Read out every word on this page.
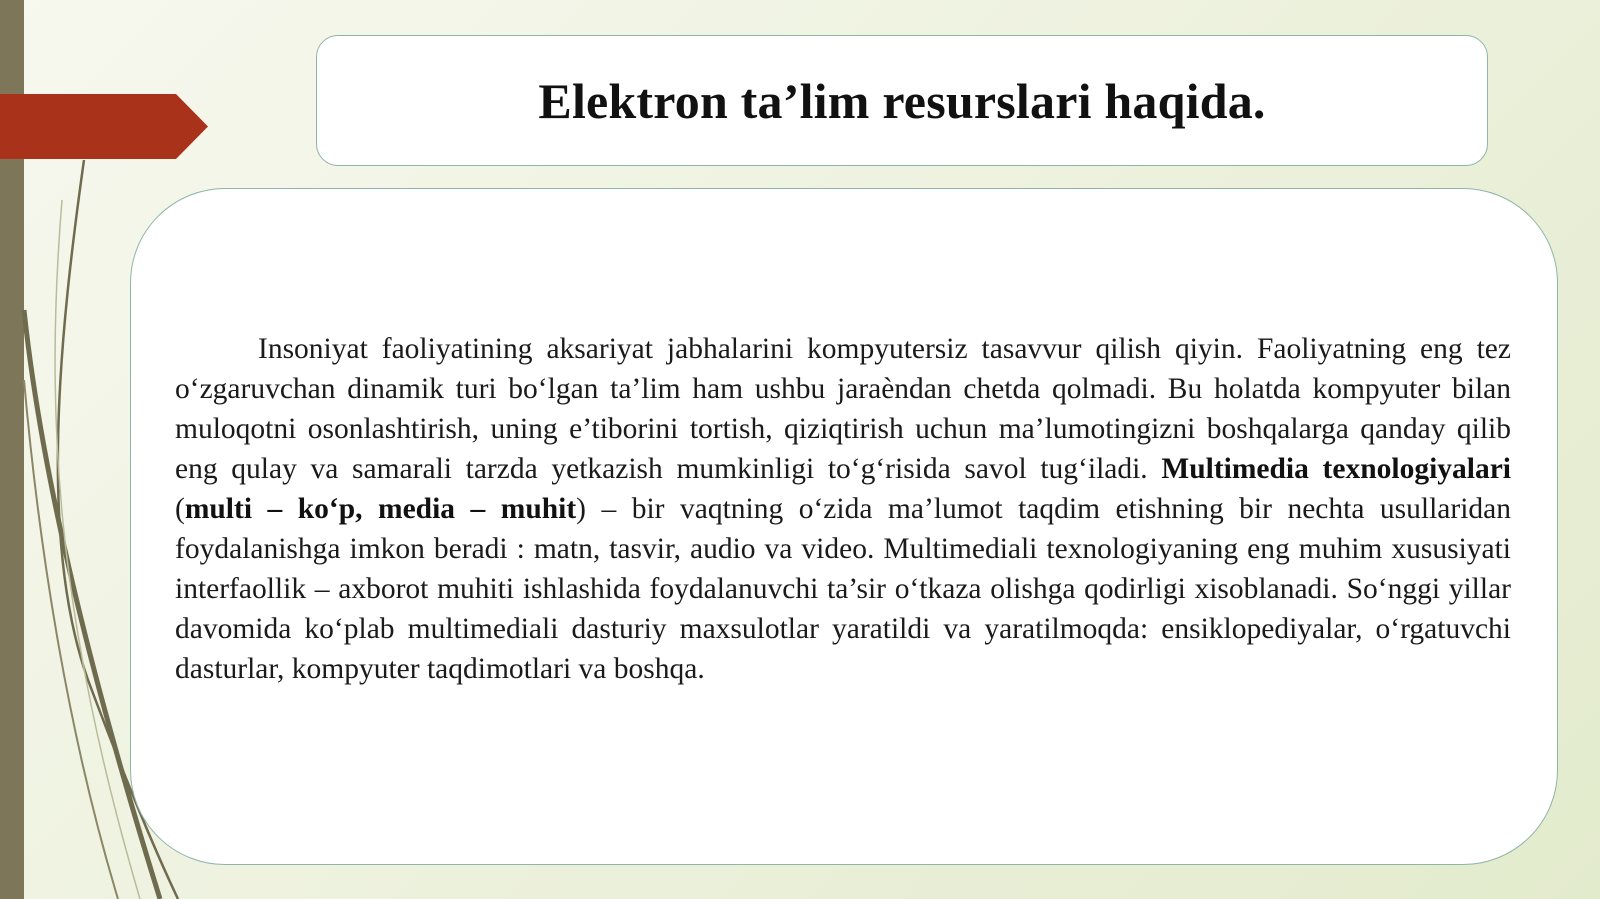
Elektron ta’lim resurslari haqida.

Insoniyat faoliyatining aksariyat jabhalarini kompyutersiz tasavvur qilish qiyin. Faoliyatning eng tez o‘zgaruvchan dinamik turi bo‘lgan ta’lim ham ushbu jaraèndan chetda qolmadi. Bu holatda kompyuter bilan muloqotni osonlashtirish, uning e’tiborini tortish, qiziqtirish uchun ma’lumotingizni boshqalarga qanday qilib eng qulay va samarali tarzda yetkazish mumkinligi to‘g‘risida savol tug‘iladi. Multimedia texnologiyalari (multi – ko‘p, media – muhit) – bir vaqtning o‘zida ma’lumot taqdim etishning bir nechta usullaridan foydalanishga imkon beradi : matn, tasvir, audio va video. Multimediali texnologiyaning eng muhim xususiyati interfaollik – axborot muhiti ishlashida foydalanuvchi ta’sir o‘tkaza olishga qodirligi xisoblanadi. So‘nggi yillar davomida ko‘plab multimediali dasturiy maxsulotlar yaratildi va yaratilmoqda: ensiklopediyalar, o‘rgatuvchi dasturlar, kompyuter taqdimotlari va boshqa.
